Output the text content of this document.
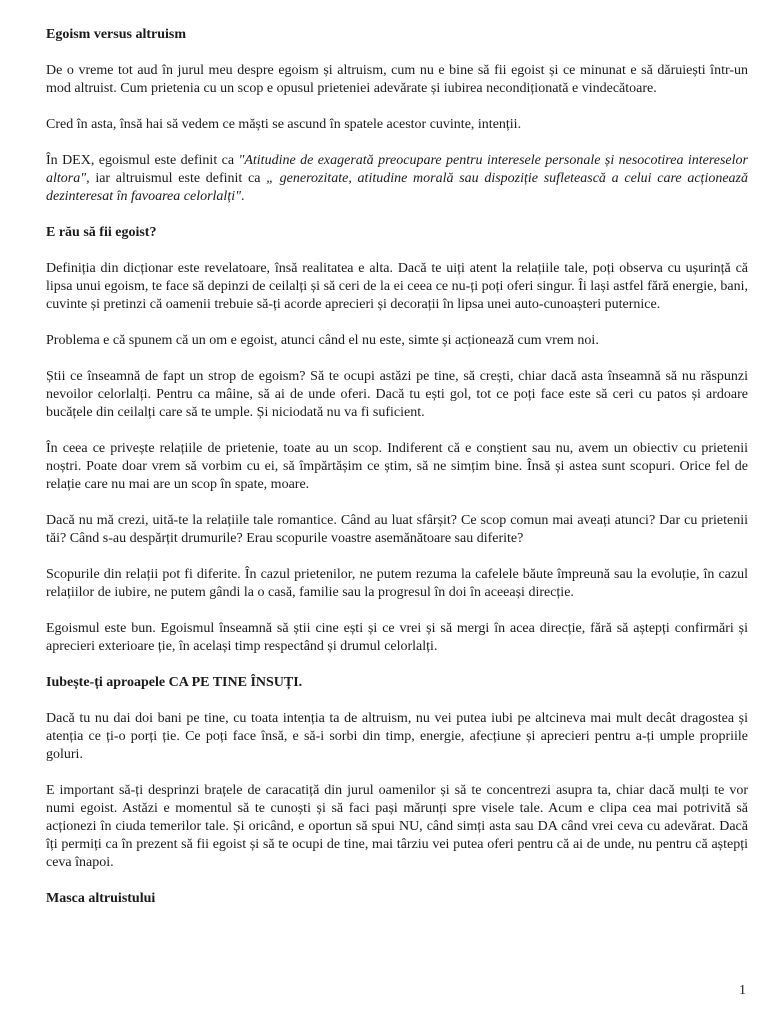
Egoism versus altruism

De o vreme tot aud în jurul meu despre egoism și altruism, cum nu e bine să fii egoist și ce minunat e să dăruiești într-un mod altruist. Cum prietenia cu un scop e opusul prieteniei adevărate și iubirea necondiționată e vindecătoare.

Cred în asta, însă hai să vedem ce măști se ascund în spatele acestor cuvinte, intenții.

În DEX, egoismul este definit ca "Atitudine de exagerată preocupare pentru interesele personale și nesocotirea intereselor altora", iar altruismul este definit ca „ generozitate, atitudine morală sau dispoziție sufletească a celui care acționează dezinteresat în favoarea celorlalți".

E rău să fii egoist?

Definiția din dicționar este revelatoare, însă realitatea e alta. Dacă te uiți atent la relațiile tale, poți observa cu ușurință că lipsa unui egoism, te face să depinzi de ceilalți și să ceri de la ei ceea ce nu-ți poți oferi singur. Îi lași astfel fără energie, bani, cuvinte și pretinzi că oamenii trebuie să-ți acorde aprecieri și decorații în lipsa unei auto-cunoașteri puternice.

Problema e că spunem că un om e egoist, atunci când el nu este, simte și acționează cum vrem noi.

Știi ce înseamnă de fapt un strop de egoism? Să te ocupi astăzi pe tine, să crești, chiar dacă asta înseamnă să nu răspunzi nevoilor celorlalți. Pentru ca mâine, să ai de unde oferi. Dacă tu ești gol, tot ce poți face este să ceri cu patos și ardoare bucățele din ceilalți care să te umple. Și niciodată nu va fi suficient.

În ceea ce privește relațiile de prietenie, toate au un scop. Indiferent că e conștient sau nu, avem un obiectiv cu prietenii noștri. Poate doar vrem să vorbim cu ei, să împărtășim ce știm, să ne simțim bine. Însă și astea sunt scopuri. Orice fel de relație care nu mai are un scop în spate, moare.

Dacă nu mă crezi, uită-te la relațiile tale romantice. Când au luat sfârșit? Ce scop comun mai aveați atunci? Dar cu prietenii tăi? Când s-au despărțit drumurile? Erau scopurile voastre asemănătoare sau diferite?

Scopurile din relații pot fi diferite. În cazul prietenilor, ne putem rezuma la cafelele băute împreună sau la evoluție, în cazul relațiilor de iubire, ne putem gândi la o casă, familie sau la progresul în doi în aceeași direcție.

Egoismul este bun. Egoismul înseamnă să știi cine ești și ce vrei și să mergi în acea direcție, fără să aștepți confirmări și aprecieri exterioare ție, în același timp respectând și drumul celorlalți.

Iubește-ți aproapele CA PE TINE ÎNSUȚI.

Dacă tu nu dai doi bani pe tine, cu toata intenția ta de altruism, nu vei putea iubi pe altcineva mai mult decât dragostea și atenția ce ți-o porți ție. Ce poți face însă, e să-i sorbi din timp, energie, afecțiune și aprecieri pentru a-ți umple propriile goluri.

E important să-ți desprinzi brațele de caracatiță din jurul oamenilor și să te concentrezi asupra ta, chiar dacă mulți te vor numi egoist. Astăzi e momentul să te cunoști și să faci pași mărunți spre visele tale. Acum e clipa cea mai potrivită să acționezi în ciuda temerilor tale. Și oricând, e oportun să spui NU, când simți asta sau DA când vrei ceva cu adevărat. Dacă îți permiți ca în prezent să fii egoist și să te ocupi de tine, mai târziu vei putea oferi pentru că ai de unde, nu pentru că aștepți ceva înapoi.

Masca altruistului
1
